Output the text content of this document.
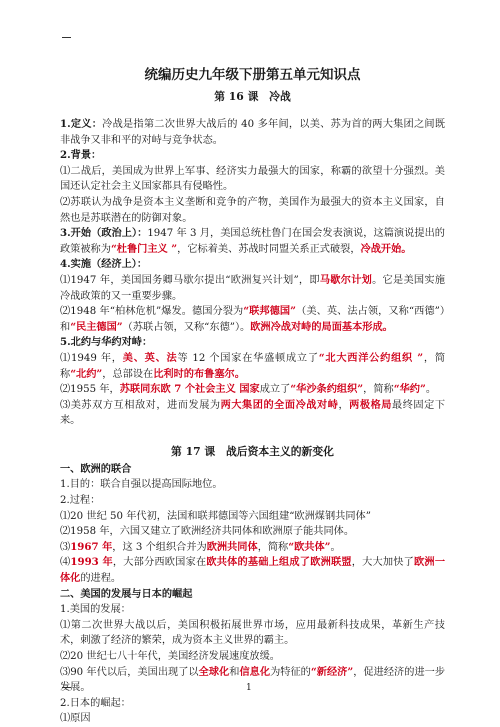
统编历史九年级下册第五单元知识点
第 16 课　冷战

1.定义：冷战是指第二次世界大战后的 40 多年间，以美、苏为首的两大集团之间既非战争又非和平的对峙与竞争状态。

2.背景：

⑴二战后，美国成为世界上军事、经济实力最强大的国家，称霸的欲望十分强烈。美国还认定社会主义国家都具有侵略性。

⑵苏联认为战争是资本主义垄断和竞争的产物，美国作为最强大的资本主义国家，自然也是苏联潜在的防御对象。

3.开始（政治上）：1947 年 3 月，美国总统杜鲁门在国会发表演说，这篇演说提出的政策被称为“杜鲁门主义 ”，它标着美、苏战时同盟关系正式破裂，冷战开始。

4.实施（经济上）：

⑴1947 年，美国国务卿马歇尔提出“欧洲复兴计划”，即马歇尔计划。它是美国实施冷战政策的又一重要步骤。

⑵1948 年“柏林危机”爆发。德国分裂为“联邦德国”（美、英、法占领，又称“西德”）和“民主德国”（苏联占领，又称“东德”）。欧洲冷战对峙的局面基本形成。

5.北约与华约对峙：

⑴1949 年，美、英、法等 12 个国家在华盛顿成立了“北大西洋公约组织 ”，简称“北约”，总部设在比利时的布鲁塞尔。

⑵1955 年，苏联同东欧 7 个社会主义 国家成立了“华沙条约组织”，简称“华约”。

⑶美苏双方互相敌对，进而发展为两大集团的全面冷战对峙，两极格局最终固定下来。

第 17 课　战后资本主义的新变化

一、欧洲的联合

1.目的：联合自强以提高国际地位。

2.过程：

⑴20 世纪 50 年代初，法国和联邦德国等六国组建“欧洲煤钢共同体”

⑵1958 年，六国又建立了欧洲经济共同体和欧洲原子能共同体。

⑶1967 年，这 3 个组织合并为欧洲共同体，简称“欧共体”。

⑷1993 年，大部分西欧国家在欧共体的基础上组成了欧洲联盟，大大加快了欧洲一体化的进程。

二、美国的发展与日本的崛起

1.美国的发展：

⑴第二次世界大战以后，美国积极拓展世界市场，应用最新科技成果，革新生产技术，刺激了经济的繁荣，成为资本主义世界的霸主。

⑵20 世纪七八十年代，美国经济发展速度放缓。

⑶90 年代以后，美国出现了以全球化和信息化为特征的“新经济”，促进经济的进一步发展。

2.日本的崛起：

⑴原因

1
